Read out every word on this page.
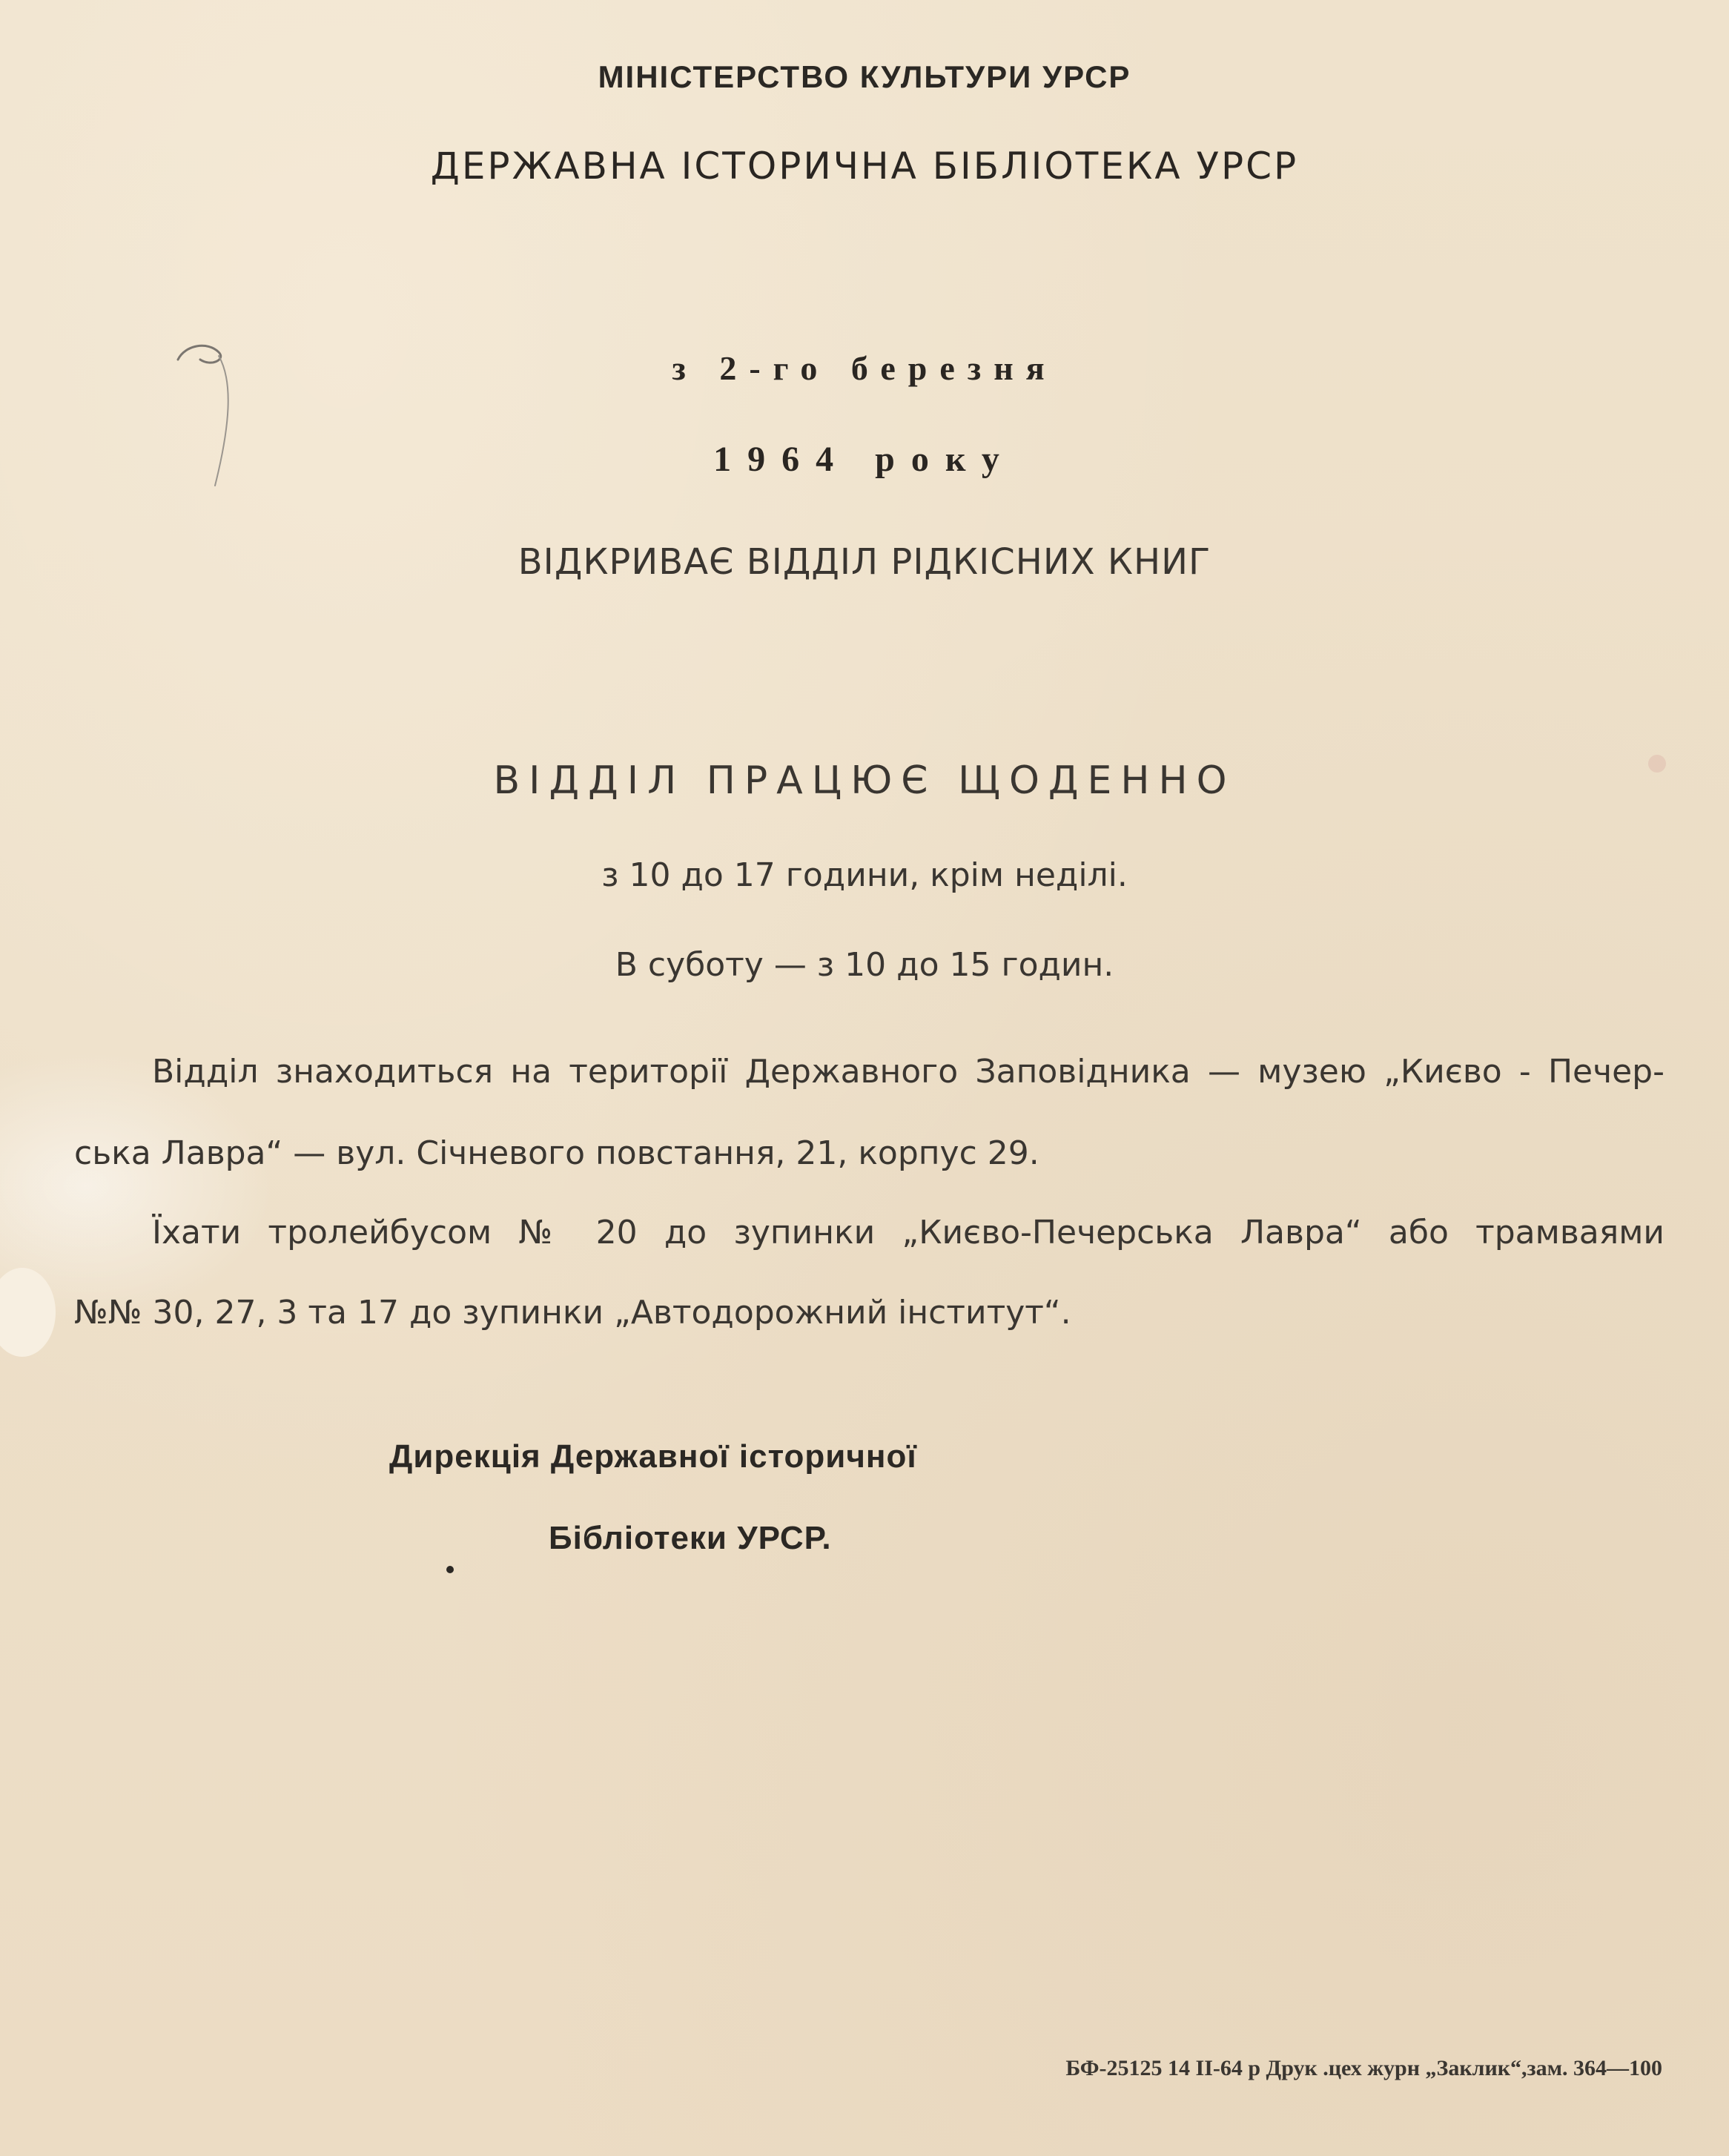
МІНІСТЕРСТВО КУЛЬТУРИ УРСР
ДЕРЖАВНА ІСТОРИЧНА БІБЛІОТЕКА УРСР
з 2-го березня
1964 року
ВІДКРИВАЄ ВІДДІЛ РІДКІСНИХ КНИГ
ВІДДІЛ ПРАЦЮЄ ЩОДЕННО
з 10 до 17 години, крім неділі.
В суботу — з 10 до 15 годин.
Відділ знаходиться на території Державного Заповідника — музею „Києво - Печер-
ська Лавра“ — вул. Січневого повстання, 21, корпус 29.
Їхати тролейбусом № 20 до зупинки „Києво-Печерська Лавра“ або трамваями
№№ 30, 27, 3 та 17 до зупинки „Автодорожний інститут“.
Дирекція Державної історичної
Бібліотеки УРСР.
БФ-25125 14 II-64 р Друк .цех журн „Заклик“,зам. 364—100
